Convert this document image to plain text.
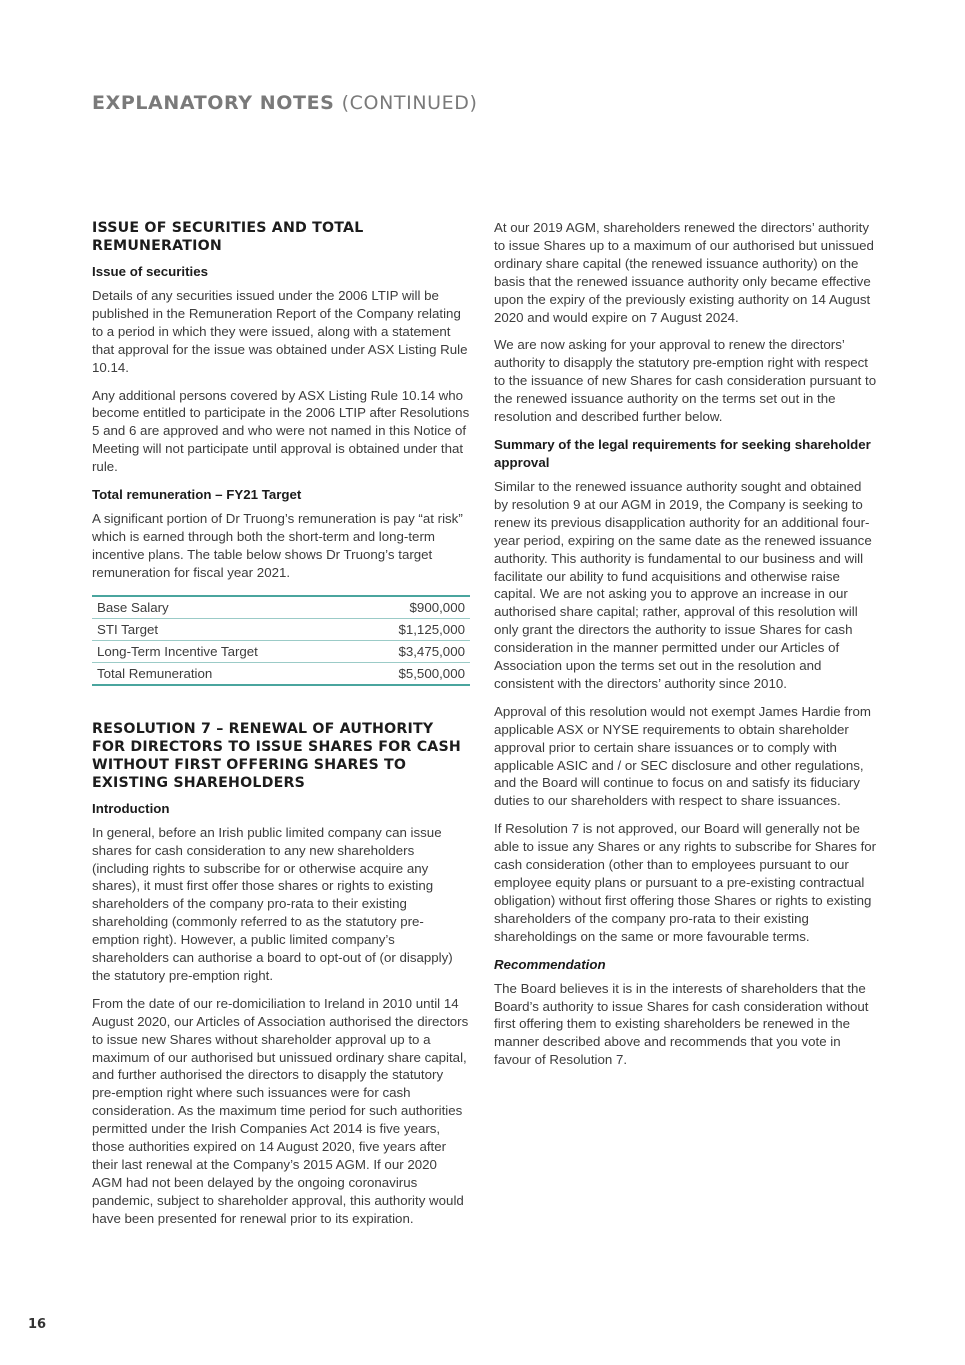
EXPLANATORY NOTES (CONTINUED)
ISSUE OF SECURITIES AND TOTAL REMUNERATION
Issue of securities

Details of any securities issued under the 2006 LTIP will be published in the Remuneration Report of the Company relating to a period in which they were issued, along with a statement that approval for the issue was obtained under ASX Listing Rule 10.14.

Any additional persons covered by ASX Listing Rule 10.14 who become entitled to participate in the 2006 LTIP after Resolutions 5 and 6 are approved and who were not named in this Notice of Meeting will not participate until approval is obtained under that rule.

Total remuneration – FY21 Target

A significant portion of Dr Truong’s remuneration is pay “at risk” which is earned through both the short-term and long-term incentive plans. The table below shows Dr Truong’s target remuneration for fiscal year 2021.

Base Salary	$900,000
STI Target	$1,125,000
Long-Term Incentive Target	$3,475,000
Total Remuneration	$5,500,000
RESOLUTION 7 – RENEWAL OF AUTHORITY FOR DIRECTORS TO ISSUE SHARES FOR CASH WITHOUT FIRST OFFERING SHARES TO EXISTING SHAREHOLDERS
Introduction

In general, before an Irish public limited company can issue shares for cash consideration to any new shareholders (including rights to subscribe for or otherwise acquire any shares), it must first offer those shares or rights to existing shareholders of the company pro-rata to their existing shareholding (commonly referred to as the statutory pre-emption right). However, a public limited company’s shareholders can authorise a board to opt-out of (or disapply) the statutory pre-emption right.

From the date of our re-domiciliation to Ireland in 2010 until 14 August 2020, our Articles of Association authorised the directors to issue new Shares without shareholder approval up to a maximum of our authorised but unissued ordinary share capital, and further authorised the directors to disapply the statutory pre-emption right where such issuances were for cash consideration. As the maximum time period for such authorities permitted under the Irish Companies Act 2014 is five years, those authorities expired on 14 August 2020, five years after their last renewal at the Company’s 2015 AGM. If our 2020 AGM had not been delayed by the ongoing coronavirus pandemic, subject to shareholder approval, this authority would have been presented for renewal prior to its expiration.

At our 2019 AGM, shareholders renewed the directors’ authority to issue Shares up to a maximum of our authorised but unissued ordinary share capital (the renewed issuance authority) on the basis that the renewed issuance authority only became effective upon the expiry of the previously existing authority on 14 August 2020 and would expire on 7 August 2024.

We are now asking for your approval to renew the directors’ authority to disapply the statutory pre-emption right with respect to the issuance of new Shares for cash consideration pursuant to the renewed issuance authority on the terms set out in the resolution and described further below.

Summary of the legal requirements for seeking shareholder approval

Similar to the renewed issuance authority sought and obtained by resolution 9 at our AGM in 2019, the Company is seeking to renew its previous disapplication authority for an additional four-year period, expiring on the same date as the renewed issuance authority. This authority is fundamental to our business and will facilitate our ability to fund acquisitions and otherwise raise capital. We are not asking you to approve an increase in our authorised share capital; rather, approval of this resolution will only grant the directors the authority to issue Shares for cash consideration in the manner permitted under our Articles of Association upon the terms set out in the resolution and consistent with the directors’ authority since 2010.

Approval of this resolution would not exempt James Hardie from applicable ASX or NYSE requirements to obtain shareholder approval prior to certain share issuances or to comply with applicable ASIC and / or SEC disclosure and other regulations, and the Board will continue to focus on and satisfy its fiduciary duties to our shareholders with respect to share issuances.

If Resolution 7 is not approved, our Board will generally not be able to issue any Shares or any rights to subscribe for Shares for cash consideration (other than to employees pursuant to our employee equity plans or pursuant to a pre-existing contractual obligation) without first offering those Shares or rights to existing shareholders of the company pro-rata to their existing shareholdings on the same or more favourable terms.

Recommendation

The Board believes it is in the interests of shareholders that the Board’s authority to issue Shares for cash consideration without first offering them to existing shareholders be renewed in the manner described above and recommends that you vote in favour of Resolution 7.

16
